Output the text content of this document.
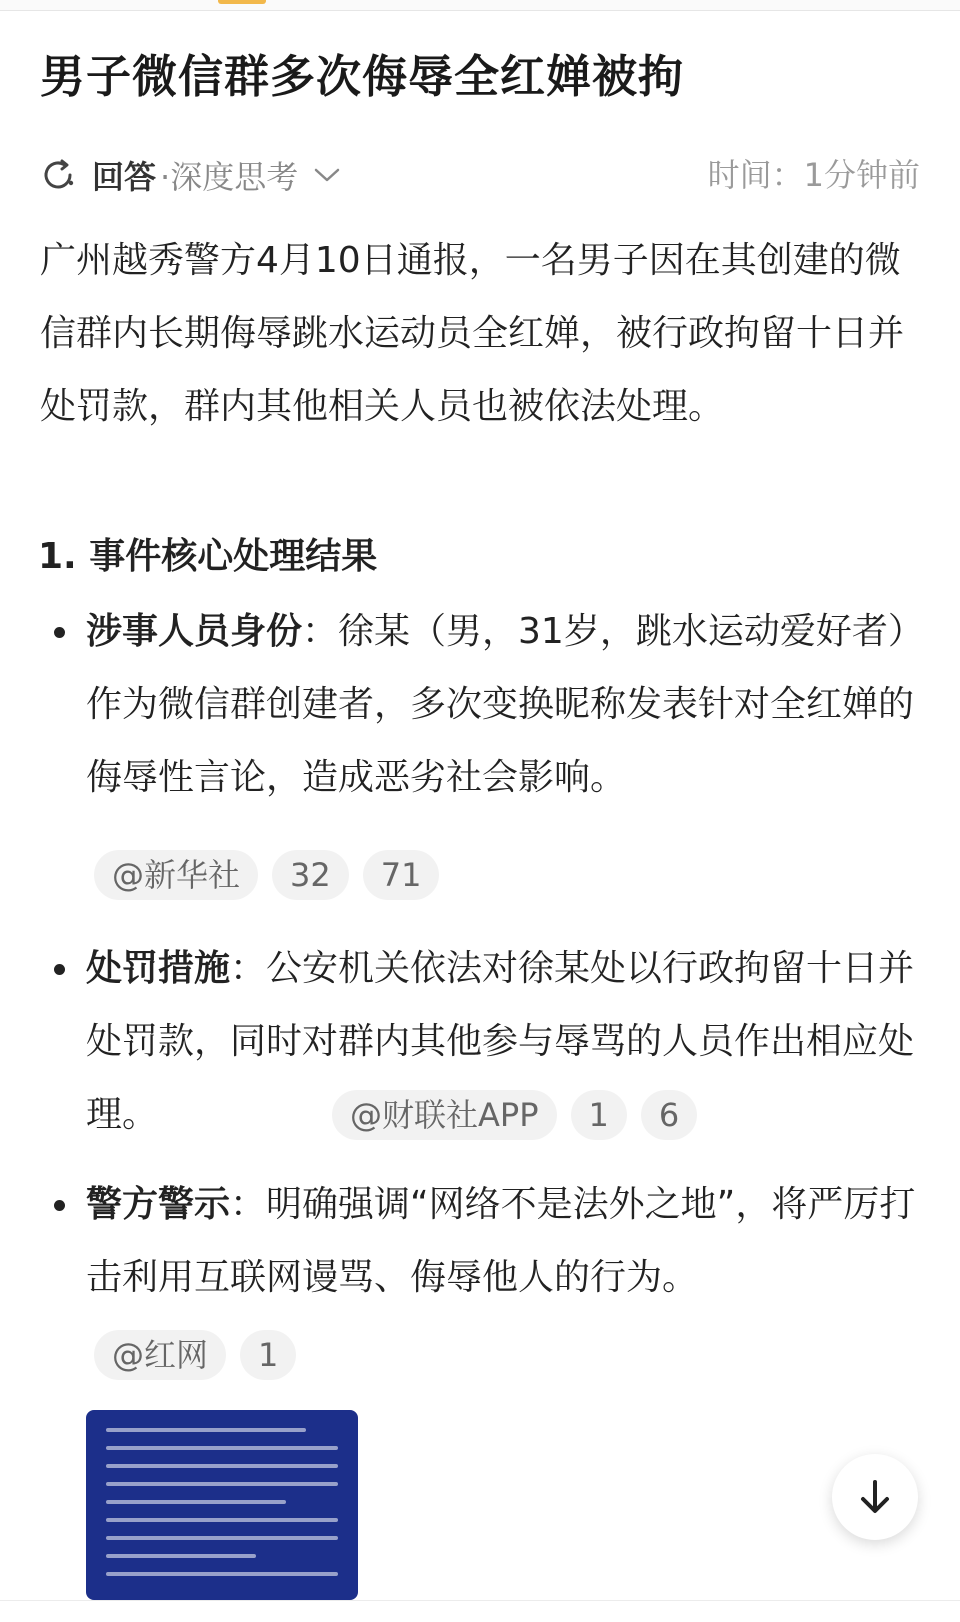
男子微信群多次侮辱全红婵被拘
回答 ·深度思考	时间：1分钟前
广州越秀警方4月10日通报，一名男子因在其创建的微信群内长期侮辱跳水运动员全红婵，被行政拘留十日并处罚款，群内其他相关人员也被依法处理。
1. 事件核心处理结果
涉事人员身份：徐某（男，31岁，跳水运动爱好者）作为微信群创建者，多次变换昵称发表针对全红婵的侮辱性言论，造成恶劣社会影响。
@新华社 32 71
处罚措施：公安机关依法对徐某处以行政拘留十日并处罚款，同时对群内其他参与辱骂的人员作出相应处理。	@财联社APP 1 6
警方警示：明确强调“网络不是法外之地”，将严厉打击利用互联网谩骂、侮辱他人的行为。
@红网 1
